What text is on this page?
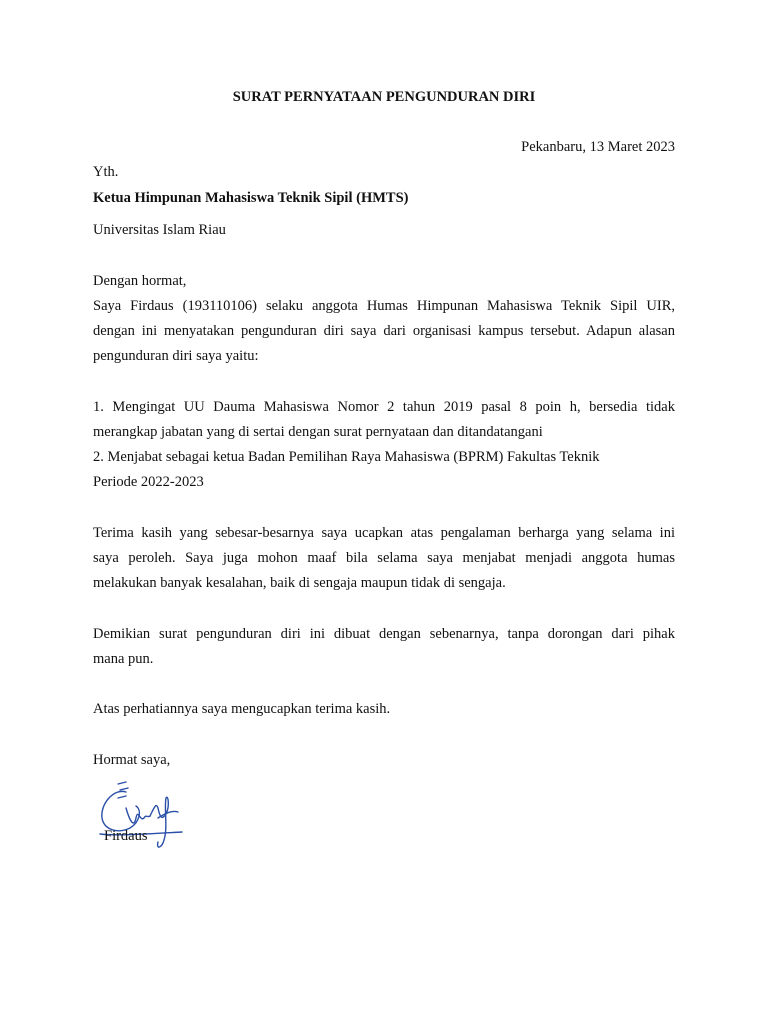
SURAT PERNYATAAN PENGUNDURAN DIRI
Pekanbaru, 13 Maret 2023
Yth.
Ketua Himpunan Mahasiswa Teknik Sipil (HMTS)
Universitas Islam Riau
Dengan hormat,
Saya Firdaus (193110106) selaku anggota Humas Himpunan Mahasiswa Teknik Sipil UIR,
dengan ini menyatakan pengunduran diri saya dari organisasi kampus tersebut. Adapun alasan
pengunduran diri saya yaitu:
1. Mengingat UU Dauma Mahasiswa Nomor 2 tahun 2019 pasal 8 poin h, bersedia tidak
merangkap jabatan yang di sertai dengan surat pernyataan dan ditandatangani
2. Menjabat sebagai ketua Badan Pemilihan Raya Mahasiswa (BPRM) Fakultas Teknik
Periode 2022-2023
Terima kasih yang sebesar-besarnya saya ucapkan atas pengalaman berharga yang selama ini
saya peroleh. Saya juga mohon maaf bila selama saya menjabat menjadi anggota humas
melakukan banyak kesalahan, baik di sengaja maupun tidak di sengaja.
Demikian surat pengunduran diri ini dibuat dengan sebenarnya, tanpa dorongan dari pihak
mana pun.
Atas perhatiannya saya mengucapkan terima kasih.
Hormat saya,
Firdaus
